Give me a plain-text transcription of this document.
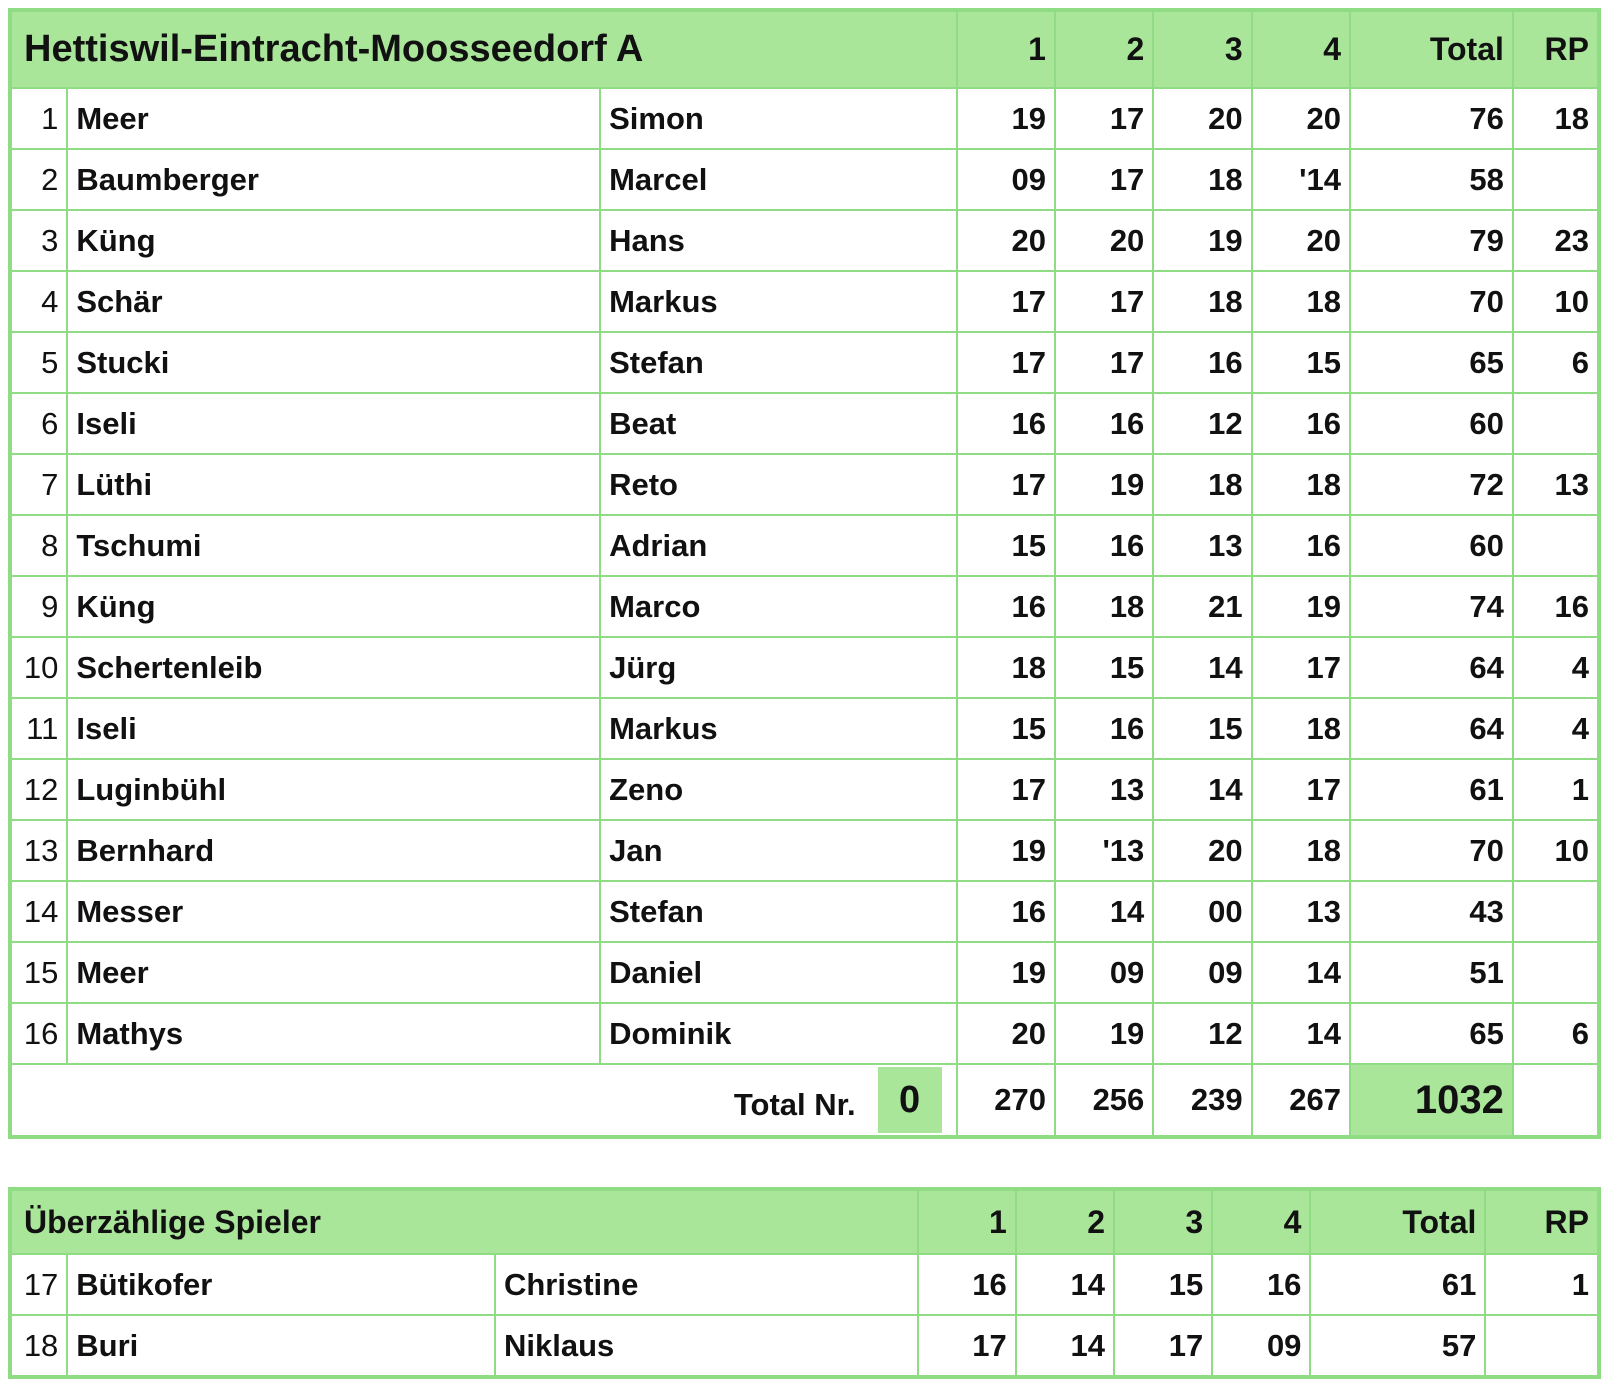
Hettiswil-Eintracht-Moosseedorf A			1	2	3	4	Total	RP
1	Meer	Simon	19	17	20	20	76	18
2	Baumberger	Marcel	09	17	18	'14	58	
3	Küng	Hans	20	20	19	20	79	23
4	Schär	Markus	17	17	18	18	70	10
5	Stucki	Stefan	17	17	16	15	65	6
6	Iseli	Beat	16	16	12	16	60	
7	Lüthi	Reto	17	19	18	18	72	13
8	Tschumi	Adrian	15	16	13	16	60	
9	Küng	Marco	16	18	21	19	74	16
10	Schertenleib	Jürg	18	15	14	17	64	4
11	Iseli	Markus	15	16	15	18	64	4
12	Luginbühl	Zeno	17	13	14	17	61	1
13	Bernhard	Jan	19	'13	20	18	70	10
14	Messer	Stefan	16	14	00	13	43	
15	Meer	Daniel	19	09	09	14	51	
16	Mathys	Dominik	20	19	12	14	65	6

Total Nr. 0			270	256	239	267	1032	
Überzählige Spieler			1	2	3	4	Total	RP
17	Bütikofer	Christine	16	14	15	16	61	1
18	Buri	Niklaus	17	14	17	09	57	
